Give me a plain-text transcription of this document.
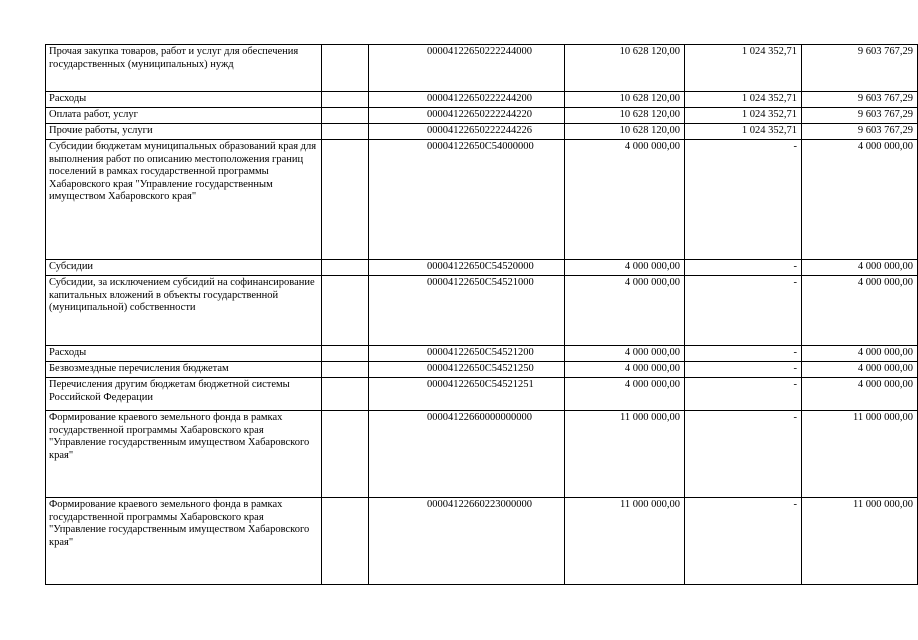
Прочая закупка товаров, работ и услуг для обеспечения государственных (муниципальных) нужд		00004122650222244000	10 628 120,00	1 024 352,71	9 603 767,29
Расходы		00004122650222244200	10 628 120,00	1 024 352,71	9 603 767,29
Оплата работ, услуг		00004122650222244220	10 628 120,00	1 024 352,71	9 603 767,29
Прочие работы, услуги		00004122650222244226	10 628 120,00	1 024 352,71	9 603 767,29
Субсидии бюджетам муниципальных образований края для выполнения работ по описанию местоположения границ поселений в рамках государственной программы Хабаровского края "Управление государственным имуществом Хабаровского края"		00004122650C54000000	4 000 000,00	-	4 000 000,00
Субсидии		00004122650C54520000	4 000 000,00	-	4 000 000,00
Субсидии, за исключением субсидий на софинансирование капитальных вложений в объекты государственной (муниципальной) собственности		00004122650C54521000	4 000 000,00	-	4 000 000,00
Расходы		00004122650C54521200	4 000 000,00	-	4 000 000,00
Безвозмездные перечисления бюджетам		00004122650C54521250	4 000 000,00	-	4 000 000,00
Перечисления другим бюджетам бюджетной системы Российской Федерации		00004122650C54521251	4 000 000,00	-	4 000 000,00
Формирование краевого земельного фонда в рамках государственной программы Хабаровского края "Управление государственным имуществом Хабаровского края"		00004122660000000000	11 000 000,00	-	11 000 000,00
Формирование краевого земельного фонда в рамках государственной программы Хабаровского края "Управление государственным имуществом Хабаровского края"		00004122660223000000	11 000 000,00	-	11 000 000,00
